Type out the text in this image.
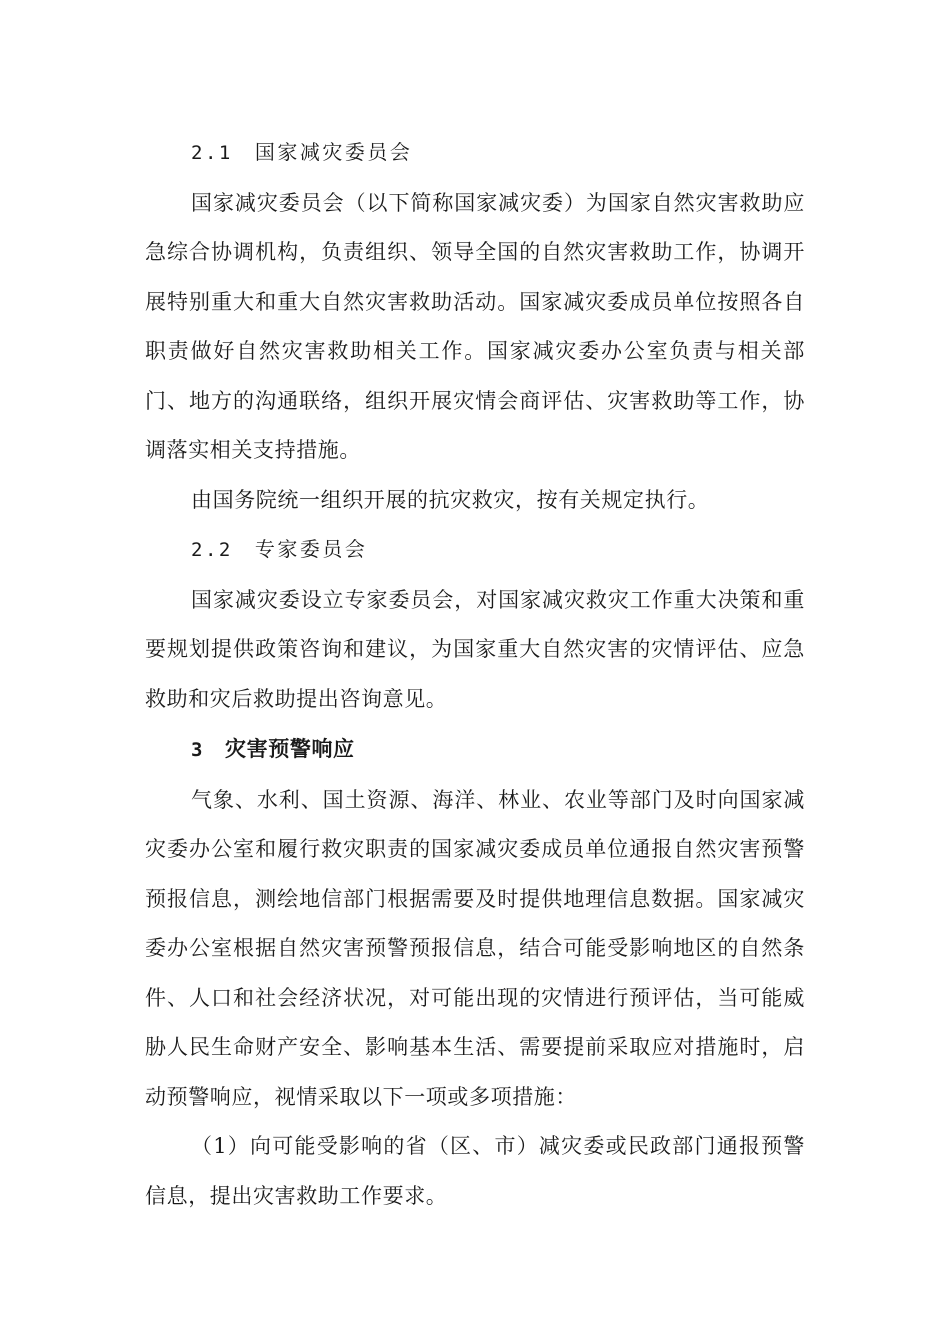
2.1 国家减灾委员会

国家减灾委员会（以下简称国家减灾委）为国家自然灾害救助应急综合协调机构，负责组织、领导全国的自然灾害救助工作，协调开展特别重大和重大自然灾害救助活动。国家减灾委成员单位按照各自职责做好自然灾害救助相关工作。国家减灾委办公室负责与相关部门、地方的沟通联络，组织开展灾情会商评估、灾害救助等工作，协调落实相关支持措施。

由国务院统一组织开展的抗灾救灾，按有关规定执行。

2.2 专家委员会

国家减灾委设立专家委员会，对国家减灾救灾工作重大决策和重要规划提供政策咨询和建议，为国家重大自然灾害的灾情评估、应急救助和灾后救助提出咨询意见。

3 灾害预警响应

气象、水利、国土资源、海洋、林业、农业等部门及时向国家减灾委办公室和履行救灾职责的国家减灾委成员单位通报自然灾害预警预报信息，测绘地信部门根据需要及时提供地理信息数据。国家减灾委办公室根据自然灾害预警预报信息，结合可能受影响地区的自然条件、人口和社会经济状况，对可能出现的灾情进行预评估，当可能威胁人民生命财产安全、影响基本生活、需要提前采取应对措施时，启动预警响应，视情采取以下一项或多项措施：

（1）向可能受影响的省（区、市）减灾委或民政部门通报预警信息，提出灾害救助工作要求。
